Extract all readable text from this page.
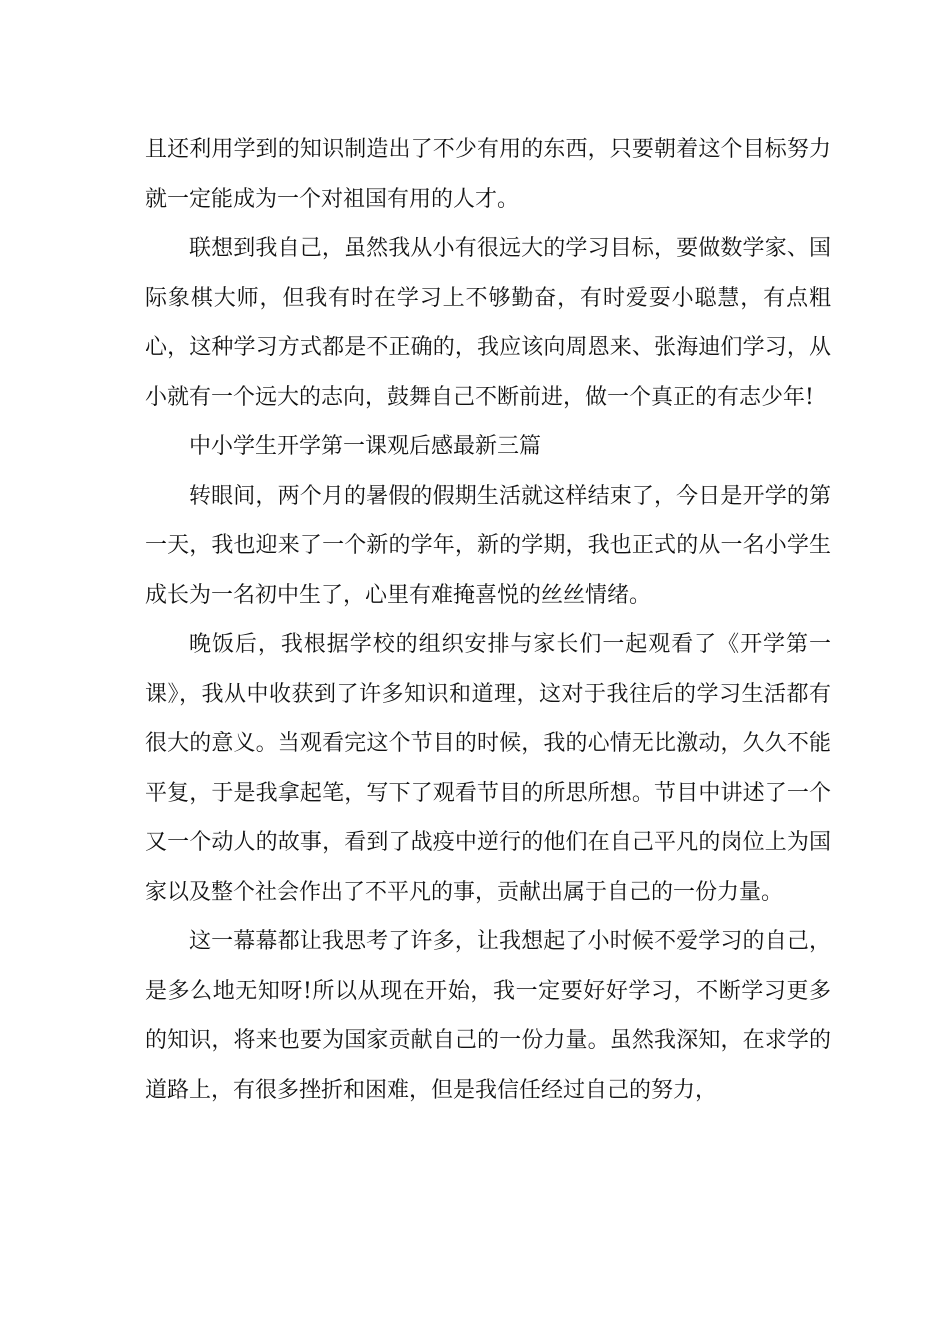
且还利用学到的知识制造出了不少有用的东西，只要朝着这个目标努力就一定能成为一个对祖国有用的人才。

联想到我自己，虽然我从小有很远大的学习目标，要做数学家、国际象棋大师，但我有时在学习上不够勤奋，有时爱耍小聪慧，有点粗心，这种学习方式都是不正确的，我应该向周恩来、张海迪们学习，从小就有一个远大的志向，鼓舞自己不断前进，做一个真正的有志少年!

中小学生开学第一课观后感最新三篇

转眼间，两个月的暑假的假期生活就这样结束了，今日是开学的第一天，我也迎来了一个新的学年，新的学期，我也正式的从一名小学生成长为一名初中生了，心里有难掩喜悦的丝丝情绪。

晚饭后，我根据学校的组织安排与家长们一起观看了《开学第一课》，我从中收获到了许多知识和道理，这对于我往后的学习生活都有很大的意义。当观看完这个节目的时候，我的心情无比激动，久久不能平复，于是我拿起笔，写下了观看节目的所思所想。节目中讲述了一个又一个动人的故事，看到了战疫中逆行的他们在自己平凡的岗位上为国家以及整个社会作出了不平凡的事，贡献出属于自己的一份力量。

这一幕幕都让我思考了许多，让我想起了小时候不爱学习的自己，是多么地无知呀!所以从现在开始，我一定要好好学习，不断学习更多的知识，将来也要为国家贡献自己的一份力量。虽然我深知，在求学的道路上，有很多挫折和困难，但是我信任经过自己的努力，
